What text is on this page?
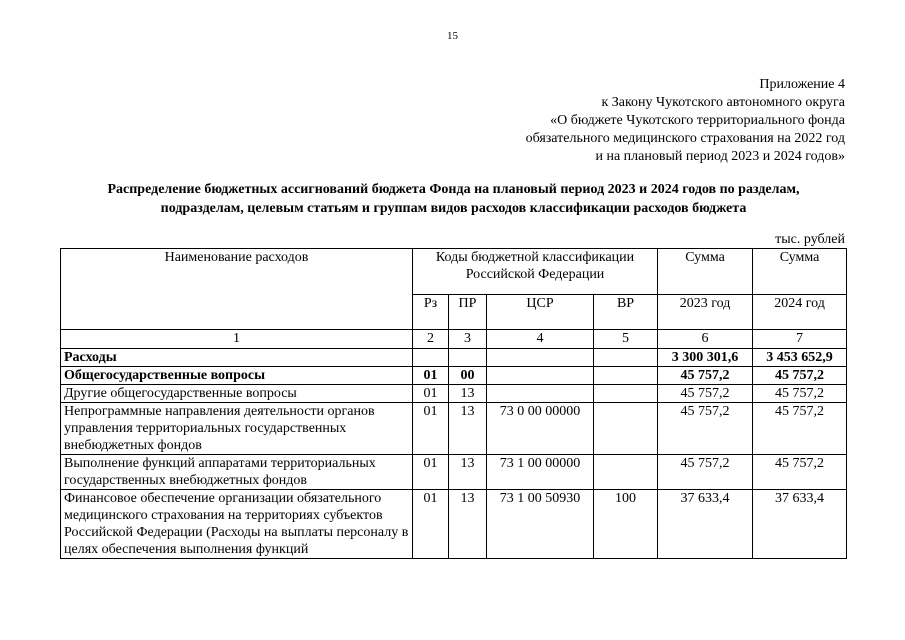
15
Приложение 4
к Закону Чукотского автономного округа
«О бюджете Чукотского территориального фонда
обязательного медицинского страхования на 2022 год
и на плановый период 2023 и 2024 годов»
Распределение бюджетных ассигнований бюджета Фонда на плановый период 2023 и 2024 годов по разделам,
подразделам, целевым статьям и группам видов расходов классификации расходов бюджета
тыс. рублей
Наименование расходов	Коды бюджетной классификации Российской Федерации				Сумма	Сумма
	Рз	ПР	ЦСР	ВР	2023 год	2024 год
1	2	3	4	5	6	7
Расходы					3 300 301,6	3 453 652,9
Общегосударственные вопросы	01	00			45 757,2	45 757,2
Другие общегосударственные вопросы	01	13			45 757,2	45 757,2
Непрограммные направления деятельности органов управления территориальных государственных внебюджетных фондов	01	13	73 0 00 00000		45 757,2	45 757,2
Выполнение функций аппаратами территориальных государственных внебюджетных фондов	01	13	73 1 00 00000		45 757,2	45 757,2
Финансовое обеспечение организации обязательного медицинского страхования на территориях субъектов Российской Федерации (Расходы на выплаты персоналу в целях обеспечения выполнения функций	01	13	73 1 00 50930	100	37 633,4	37 633,4
